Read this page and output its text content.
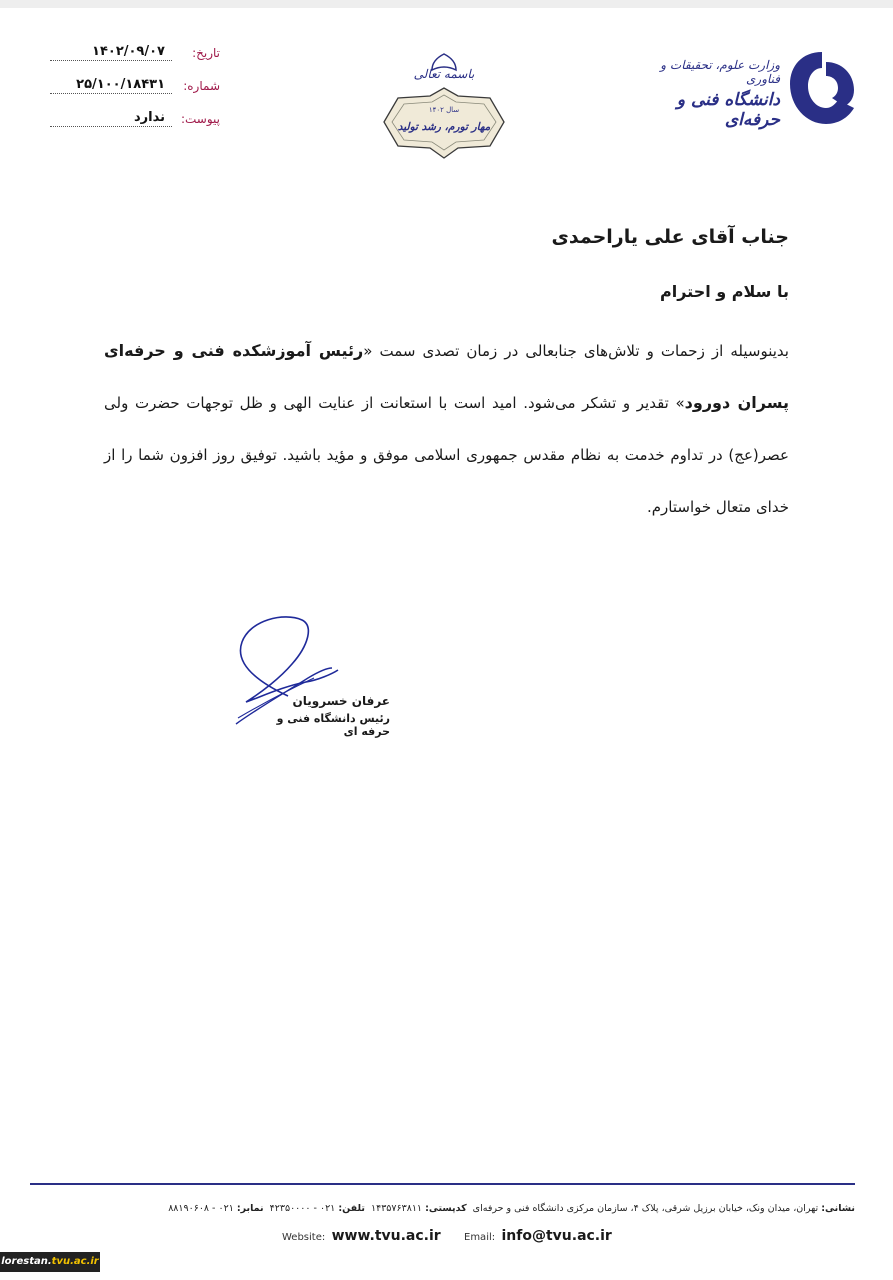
تاریخ:
۱۴۰۲/۰۹/۰۷
شماره:
۲۵/۱۰۰/۱۸۴۳۱
پیوست:
ندارد
باسمه تعالی
سال ۱۴۰۲
مهار تورم، رشد تولید
وزارت علوم، تحقیقات و فناوری
دانشگاه فنی و حرفه‌ای
جناب آقای علی یاراحمدی
با سلام و احترام
بدینوسیله از زحمات و تلاش‌های جنابعالی در زمان تصدی سمت «رئیس آموزشکده فنی و حرفه‌ای پسران دورود» تقدیر و تشکر می‌شود. امید است با استعانت از عنایت الهی و ظل توجهات حضرت ولی عصر(عج) در تداوم خدمت به نظام مقدس جمهوری اسلامی موفق و مؤید باشید. توفیق روز افزون شما را از خدای متعال خواستارم.
عرفان خسرویان
رئیس دانشگاه فنی و حرفه ای
نشانی: تهران، میدان ونک، خیابان برزیل شرقی، پلاک ۴، سازمان مرکزی دانشگاه فنی و حرفه‌ای  کدپستی: ۱۴۳۵۷۶۳۸۱۱  تلفن: ۰۲۱ - ۴۲۳۵۰۰۰۰  نمابر: ۰۲۱ - ۸۸۱۹۰۶۰۸
Website: www.tvu.ac.ir Email: info@tvu.ac.ir
lorestan.tvu.ac.ir
